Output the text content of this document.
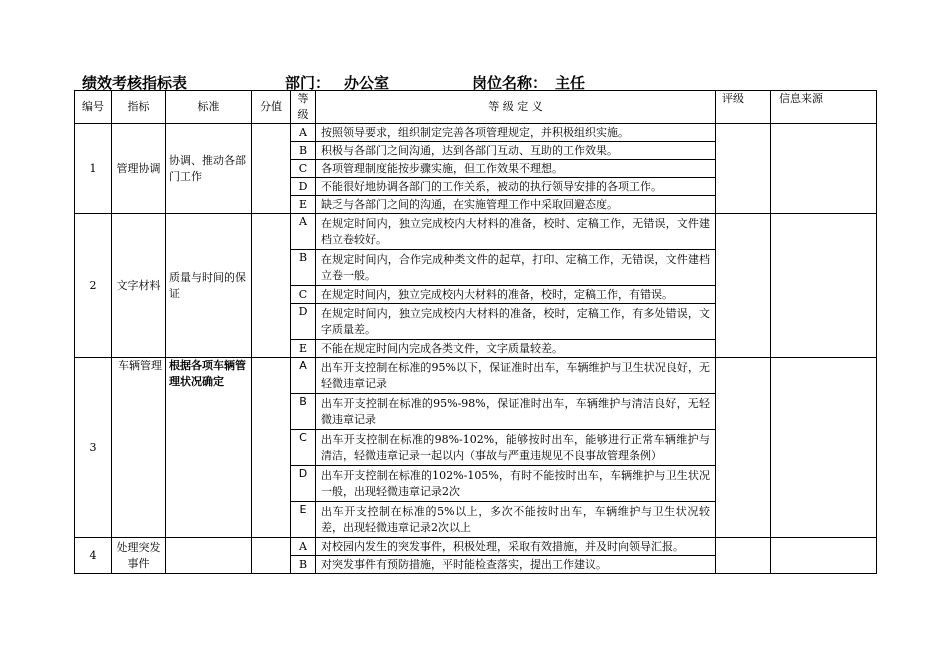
绩效考核指标表	部门： 办公室	岗位名称： 主任
编号	指标	标准	分值	等级	等 级 定 义	评级	信息来源
1	管理协调	协调、推动各部门工作		A	按照领导要求，组织制定完善各项管理规定，并积极组织实施。		
				B	积极与各部门之间沟通，达到各部门互动、互助的工作效果。		
				C	各项管理制度能按步骤实施，但工作效果不理想。		
				D	不能很好地协调各部门的工作关系，被动的执行领导安排的各项工作。		
				E	缺乏与各部门之间的沟通，在实施管理工作中采取回避态度。		
2	文字材料	质量与时间的保证		A	在规定时间内，独立完成校内大材料的准备，校时、定稿工作，无错误，文件建档立卷较好。		
				B	在规定时间内，合作完成种类文件的起草，打印、定稿工作，无错误，文件建档立卷一般。		
				C	在规定时间内，独立完成校内大材料的准备，校时，定稿工作，有错误。		
				D	在规定时间内，独立完成校内大材料的准备，校时，定稿工作，有多处错误，文字质量差。		
				E	不能在规定时间内完成各类文件，文字质量较差。		
3	车辆管理	根据各项车辆管理状况确定		A	出车开支控制在标准的95%以下，保证准时出车，车辆维护与卫生状况良好，无轻微违章记录		
				B	出车开支控制在标准的95%-98%，保证准时出车，车辆维护与清洁良好，无轻微违章记录		
				C	出车开支控制在标准的98%-102%，能够按时出车，能够进行正常车辆维护与清洁，轻微违章记录一起以内（事故与严重违规见不良事故管理条例）		
				D	出车开支控制在标准的102%-105%，有时不能按时出车，车辆维护与卫生状况一般，出现轻微违章记录2次		
				E	出车开支控制在标准的5%以上，多次不能按时出车，车辆维护与卫生状况较差，出现轻微违章记录2次以上		
4	处理突发事件			A	对校园内发生的突发事件，积极处理，采取有效措施，并及时向领导汇报。		
				B	对突发事件有预防措施，平时能检查落实，提出工作建议。		
